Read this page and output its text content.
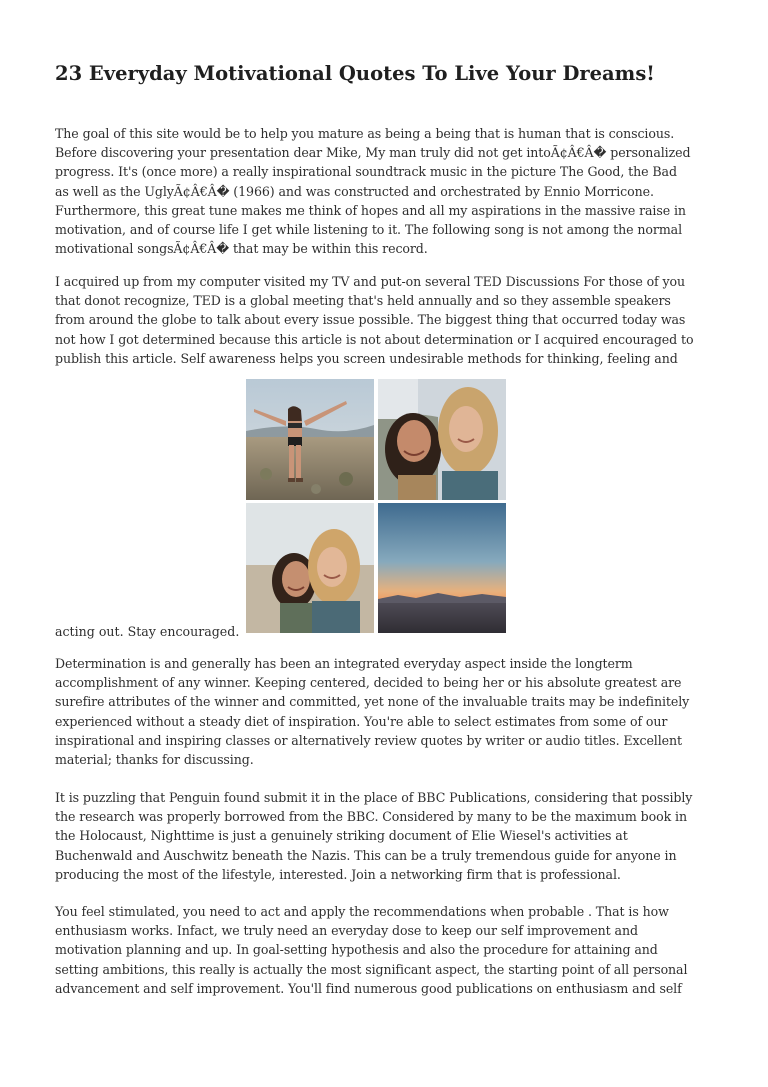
23 Everyday Motivational Quotes To Live Your Dreams!

The goal of this site would be to help you mature as being a being that is human that is conscious.
Before discovering your presentation dear Mike, My man truly did not get intoÃ¢Â€Â� personalized
progress. It's (once more) a really inspirational soundtrack music in the picture The Good, the Bad
as well as the UglyÃ¢Â€Â� (1966) and was constructed and orchestrated by Ennio Morricone.
Furthermore, this great tune makes me think of hopes and all my aspirations in the massive raise in
motivation, and of course life I get while listening to it. The following song is not among the normal
motivational songsÃ¢Â€Â� that may be within this record.

I acquired up from my computer visited my TV and put-on several TED Discussions For those of you
that donot recognize, TED is a global meeting that's held annually and so they assemble speakers
from around the globe to talk about every issue possible. The biggest thing that occurred today was
not how I got determined because this article is not about determination or I acquired encouraged to
publish this article. Self awareness helps you screen undesirable methods for thinking, feeling and

acting out. Stay encouraged.

Determination is and generally has been an integrated everyday aspect inside the longterm
accomplishment of any winner. Keeping centered, decided to being her or his absolute greatest are
surefire attributes of the winner and committed, yet none of the invaluable traits may be indefinitely
experienced without a steady diet of inspiration. You're able to select estimates from some of our
inspirational and inspiring classes or alternatively review quotes by writer or audio titles. Excellent
material; thanks for discussing.

It is puzzling that Penguin found submit it in the place of BBC Publications, considering that possibly
the research was properly borrowed from the BBC. Considered by many to be the maximum book in
the Holocaust, Nighttime is just a genuinely striking document of Elie Wiesel's activities at
Buchenwald and Auschwitz beneath the Nazis. This can be a truly tremendous guide for anyone in
producing the most of the lifestyle, interested. Join a networking firm that is professional.

You feel stimulated, you need to act and apply the recommendations when probable . That is how
enthusiasm works. Infact, we truly need an everyday dose to keep our self improvement and
motivation planning and up. In goal-setting hypothesis and also the procedure for attaining and
setting ambitions, this really is actually the most significant aspect, the starting point of all personal
advancement and self improvement. You'll find numerous good publications on enthusiasm and self
